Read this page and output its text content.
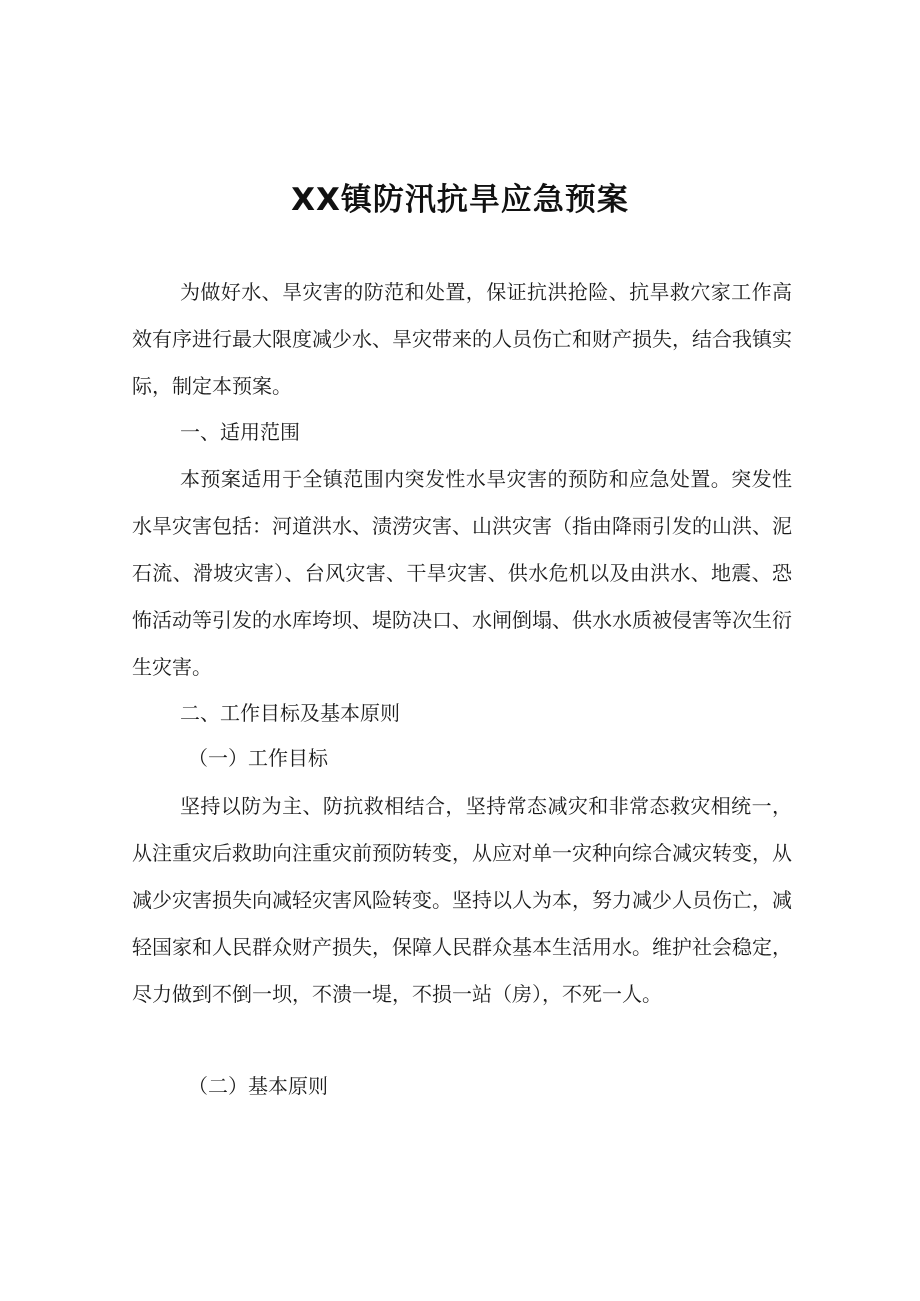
XX镇防汛抗旱应急预案

为做好水、旱灾害的防范和处置，保证抗洪抢险、抗旱救穴家工作高效有序进行最大限度减少水、旱灾带来的人员伤亡和财产损失，结合我镇实际，制定本预案。

一、适用范围

本预案适用于全镇范围内突发性水旱灾害的预防和应急处置。突发性水旱灾害包括：河道洪水、渍涝灾害、山洪灾害（指由降雨引发的山洪、泥石流、滑坡灾害）、台风灾害、干旱灾害、供水危机以及由洪水、地震、恐怖活动等引发的水库垮坝、堤防决口、水闸倒塌、供水水质被侵害等次生衍生灾害。

二、工作目标及基本原则

（一）工作目标

坚持以防为主、防抗救相结合，坚持常态减灾和非常态救灾相统一，从注重灾后救助向注重灾前预防转变，从应对单一灾种向综合减灾转变，从减少灾害损失向减轻灾害风险转变。坚持以人为本，努力减少人员伤亡，减轻国家和人民群众财产损失，保障人民群众基本生活用水。维护社会稳定，尽力做到不倒一坝，不溃一堤，不损一站（房），不死一人。

（二）基本原则
